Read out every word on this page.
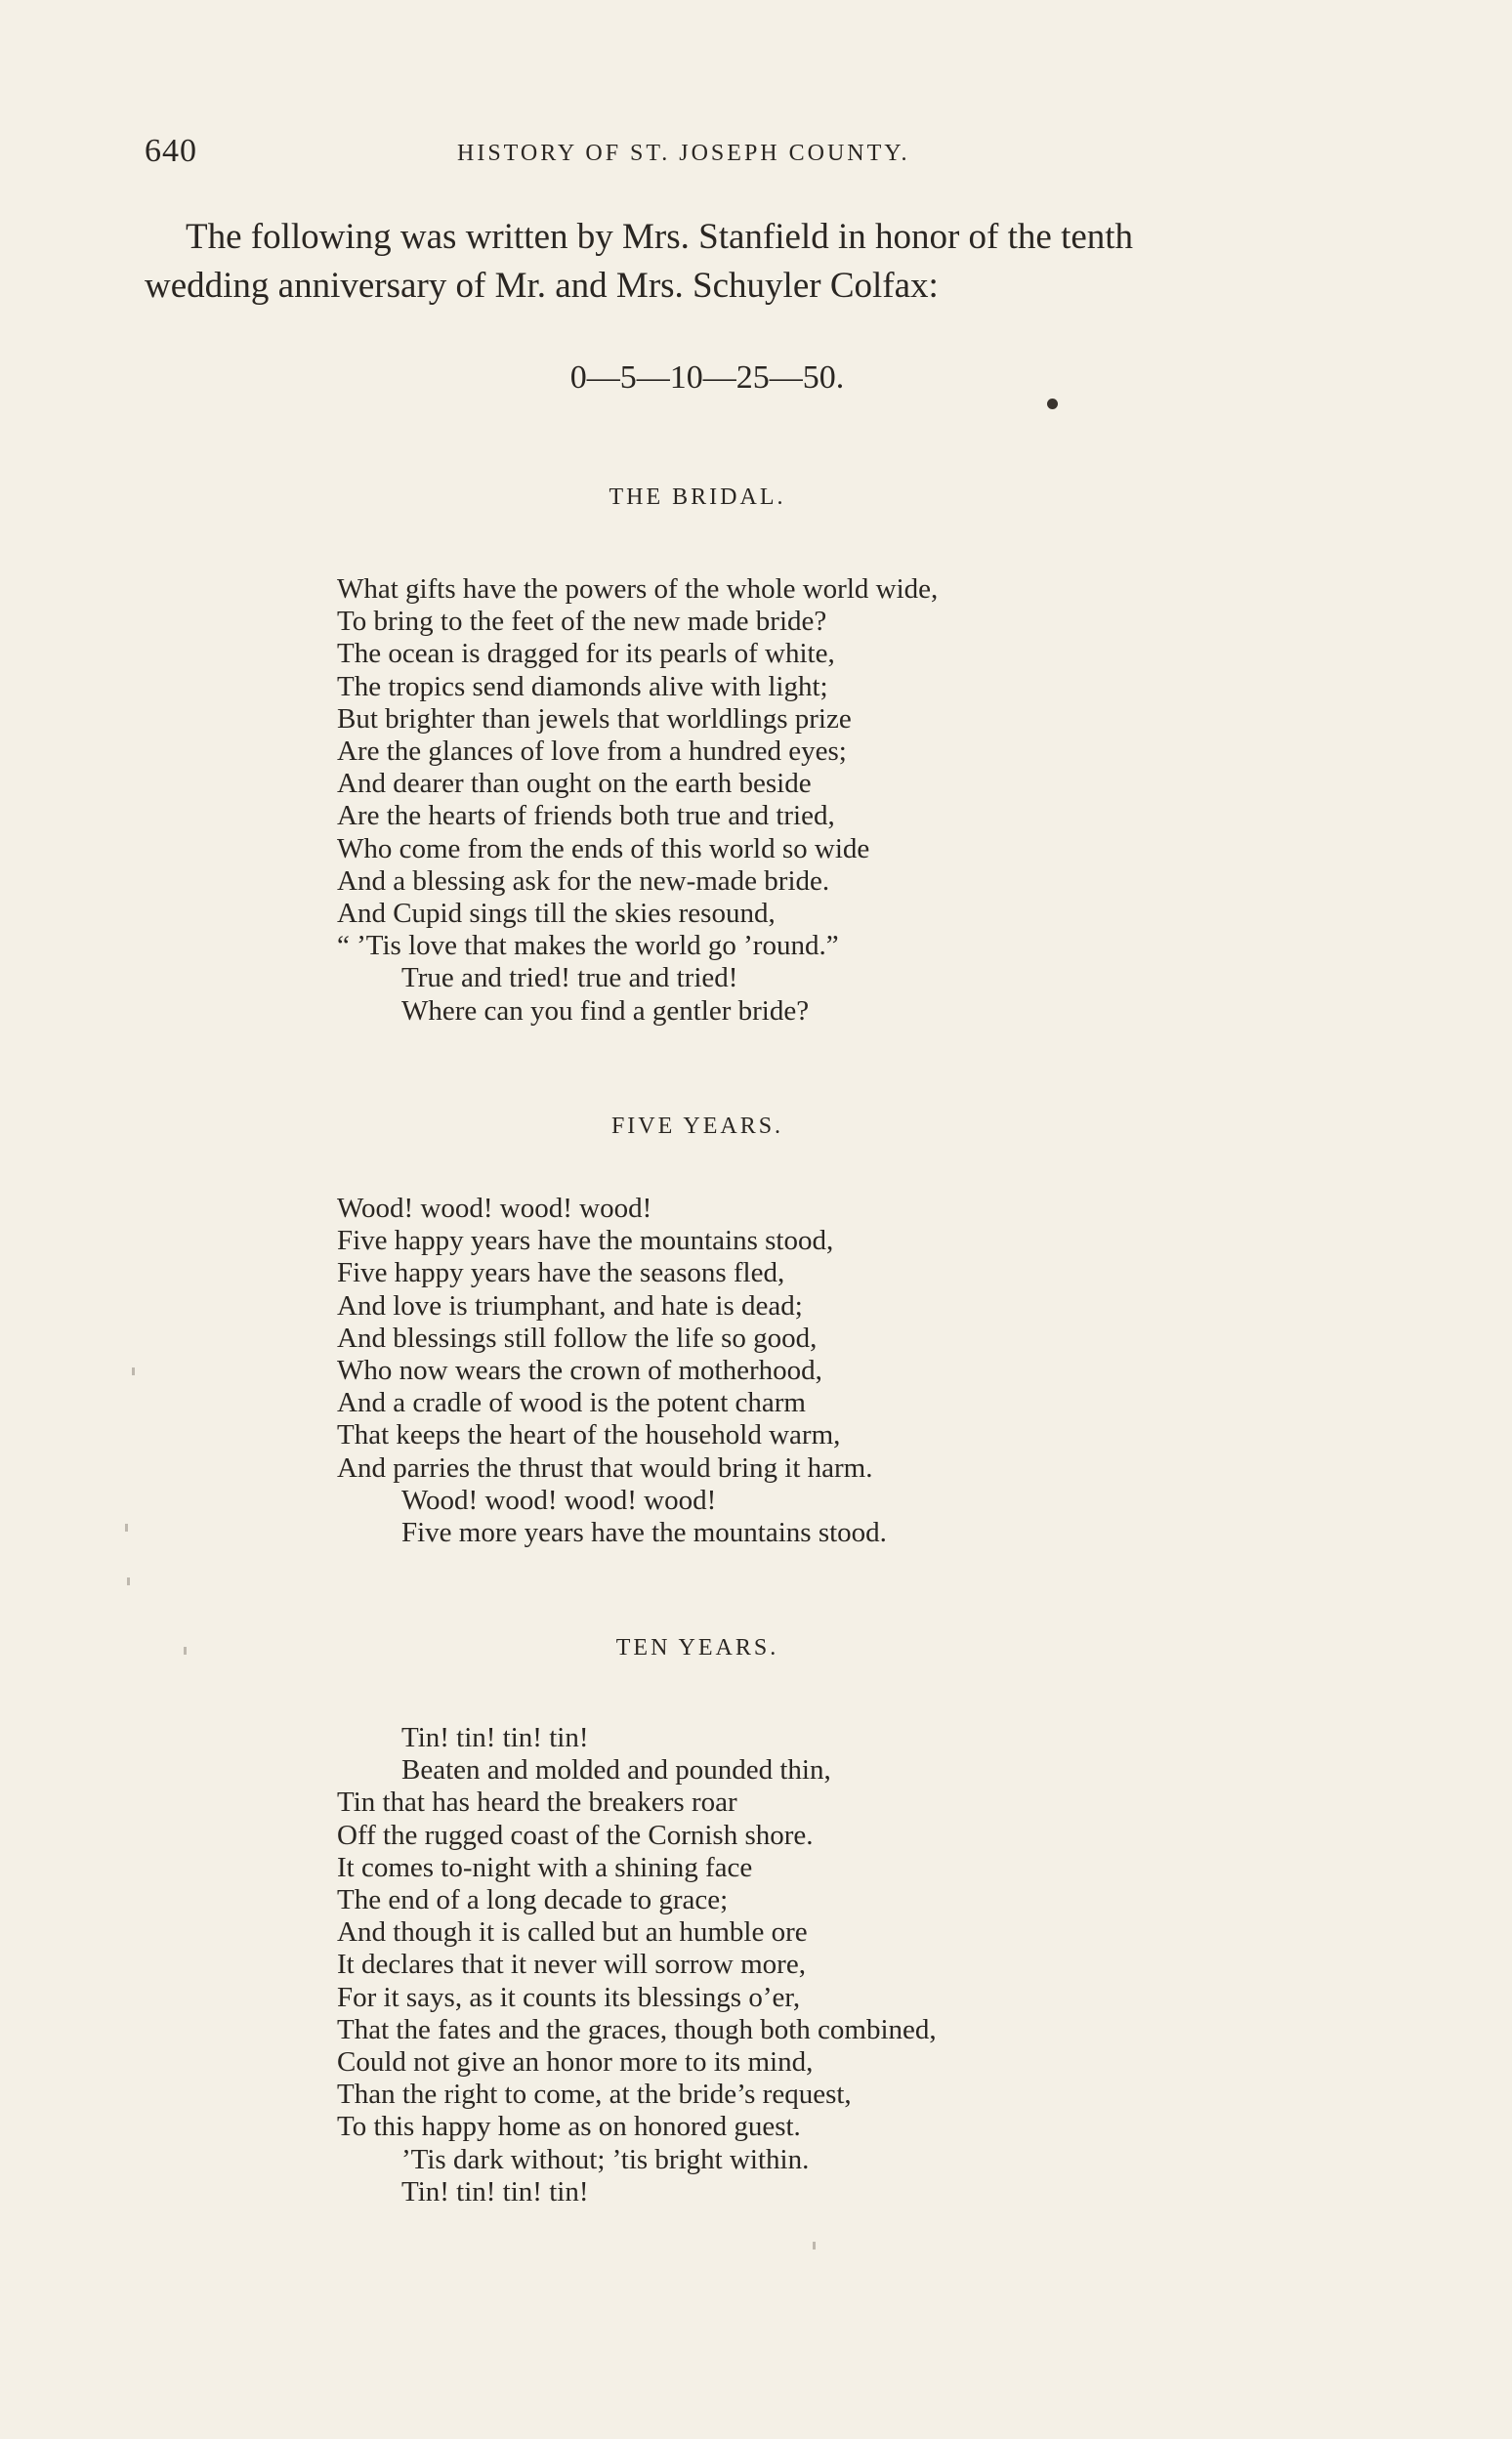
640	HISTORY OF ST. JOSEPH COUNTY.
The following was written by Mrs. Stanfield in honor of the tenth
wedding anniversary of Mr. and Mrs. Schuyler Colfax:
0—5—10—25—50.
THE BRIDAL.
What gifts have the powers of the whole world wide,
To bring to the feet of the new made bride?
The ocean is dragged for its pearls of white,
The tropics send diamonds alive with light;
But brighter than jewels that worldlings prize
Are the glances of love from a hundred eyes;
And dearer than ought on the earth beside
Are the hearts of friends both true and tried,
Who come from the ends of this world so wide
And a blessing ask for the new-made bride.
And Cupid sings till the skies resound,
“ ’Tis love that makes the world go ’round.”
True and tried! true and tried!
Where can you find a gentler bride?
FIVE YEARS.
Wood! wood! wood! wood!
Five happy years have the mountains stood,
Five happy years have the seasons fled,
And love is triumphant, and hate is dead;
And blessings still follow the life so good,
Who now wears the crown of motherhood,
And a cradle of wood is the potent charm
That keeps the heart of the household warm,
And parries the thrust that would bring it harm.
Wood! wood! wood! wood!
Five more years have the mountains stood.
TEN YEARS.
Tin! tin! tin! tin!
Beaten and molded and pounded thin,
Tin that has heard the breakers roar
Off the rugged coast of the Cornish shore.
It comes to-night with a shining face
The end of a long decade to grace;
And though it is called but an humble ore
It declares that it never will sorrow more,
For it says, as it counts its blessings o’er,
That the fates and the graces, though both combined,
Could not give an honor more to its mind,
Than the right to come, at the bride’s request,
To this happy home as on honored guest.
’Tis dark without; ’tis bright within.
Tin! tin! tin! tin!
